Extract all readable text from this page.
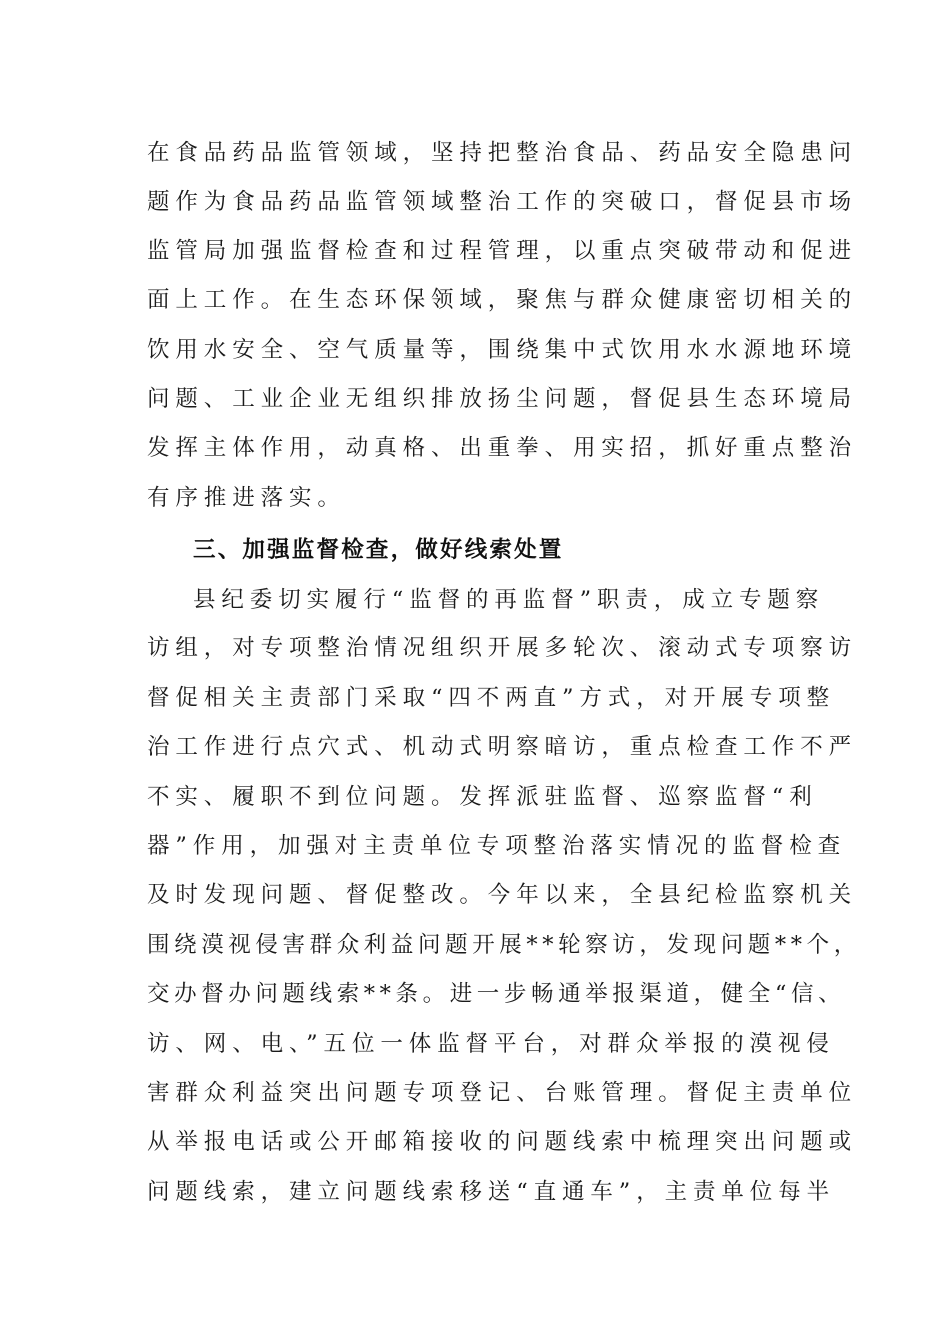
在食品药品监管领域，坚持把整治食品、药品安全隐患问
题作为食品药品监管领域整治工作的突破口，督促县市场
监管局加强监督检查和过程管理，以重点突破带动和促进
面上工作。在生态环保领域，聚焦与群众健康密切相关的
饮用水安全、空气质量等，围绕集中式饮用水水源地环境
问题、工业企业无组织排放扬尘问题，督促县生态环境局
发挥主体作用，动真格、出重拳、用实招，抓好重点整治
有序推进落实。
三、加强监督检查，做好线索处置
县纪委切实履行“监督的再监督”职责，成立专题察
访组，对专项整治情况组织开展多轮次、滚动式专项察访
督促相关主责部门采取“四不两直”方式，对开展专项整
治工作进行点穴式、机动式明察暗访，重点检查工作不严
不实、履职不到位问题。发挥派驻监督、巡察监督“利
器”作用，加强对主责单位专项整治落实情况的监督检查
及时发现问题、督促整改。今年以来，全县纪检监察机关
围绕漠视侵害群众利益问题开展**轮察访，发现问题**个，
交办督办问题线索**条。进一步畅通举报渠道，健全“信、
访、网、电、”五位一体监督平台，对群众举报的漠视侵
害群众利益突出问题专项登记、台账管理。督促主责单位
从举报电话或公开邮箱接收的问题线索中梳理突出问题或
问题线索，建立问题线索移送“直通车”，主责单位每半
